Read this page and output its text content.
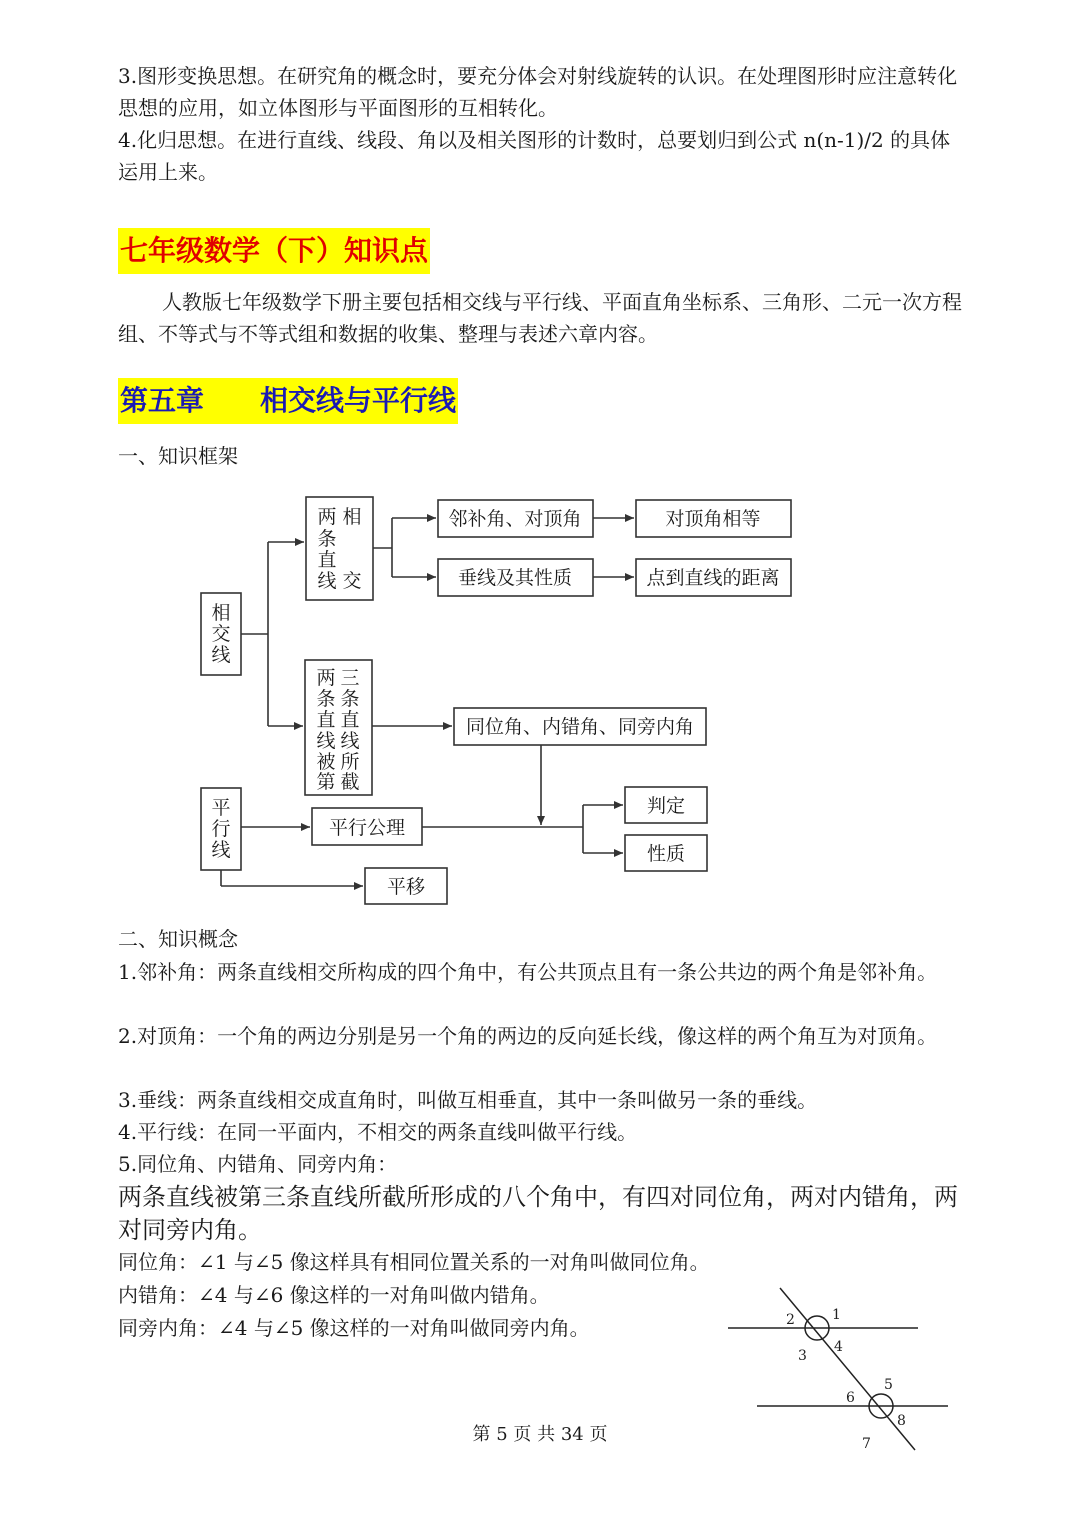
3.图形变换思想。在研究角的概念时，要充分体会对射线旋转的认识。在处理图形时应注意转化思想的应用，如立体图形与平面图形的互相转化。

4.化归思想。在进行直线、线段、角以及相关图形的计数时，总要划归到公式 n(n-1)/2 的具体运用上来。

七年级数学（下）知识点

人教版七年级数学下册主要包括相交线与平行线、平面直角坐标系、三角形、二元一次方程组、不等式与不等式组和数据的收集、整理与表述六章内容。

第五章　　相交线与平行线

一、知识框架

相
交
线
平
行
线
两 相
条
直
线 交
两 三
条 条
直 直
线 线
被 所
第 截
邻补角、对顶角	对顶角相等
垂线及其性质	点到直线的距离
同位角、内错角、同旁内角
平行公理
判定
性质
平移

二、知识概念

1.邻补角：两条直线相交所构成的四个角中，有公共顶点且有一条公共边的两个角是邻补角。

2.对顶角：一个角的两边分别是另一个角的两边的反向延长线，像这样的两个角互为对顶角。

3.垂线：两条直线相交成直角时，叫做互相垂直，其中一条叫做另一条的垂线。

4.平行线：在同一平面内，不相交的两条直线叫做平行线。

5.同位角、内错角、同旁内角：

两条直线被第三条直线所截所形成的八个角中，有四对同位角，两对内错角，两对同旁内角。

同位角：∠1 与∠5 像这样具有相同位置关系的一对角叫做同位角。

内错角：∠4 与∠6 像这样的一对角叫做内错角。

同旁内角：∠4 与∠5 像这样的一对角叫做同旁内角。

1
2
3
4
5
6
7
8
第 5 页 共 34 页
